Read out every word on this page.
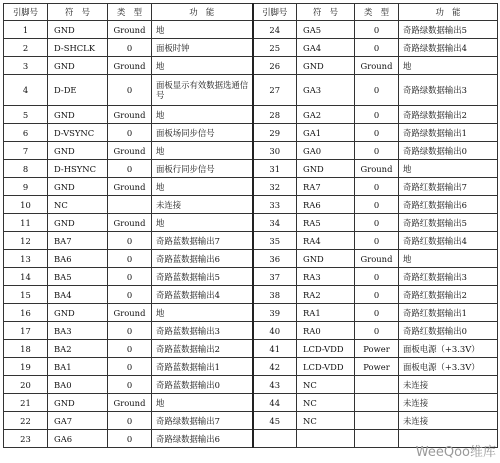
引脚号	符　号	类　型	功　能	引脚号	符　号	类　型	功　能
1	GND	Ground	地	24	GA5	0	奇路绿数据输出5
2	D-SHCLK	0	面板时钟	25	GA4	0	奇路绿数据输出4
3	GND	Ground	地	26	GND	Ground	地
4	D-DE	0	面板显示有效数据选通信号	27	GA3	0	奇路绿数据输出3
5	GND	Ground	地	28	GA2	0	奇路绿数据输出2
6	D-VSYNC	0	面板场同步信号	29	GA1	0	奇路绿数据输出1
7	GND	Ground	地	30	GA0	0	奇路绿数据输出0
8	D-HSYNC	0	面板行同步信号	31	GND	Ground	地
9	GND	Ground	地	32	RA7	0	奇路红数据输出7
10	NC		未连接	33	RA6	0	奇路红数据输出6
11	GND	Ground	地	34	RA5	0	奇路红数据输出5
12	BA7	0	奇路蓝数据输出7	35	RA4	0	奇路红数据输出4
13	BA6	0	奇路蓝数据输出6	36	GND	Ground	地
14	BA5	0	奇路蓝数据输出5	37	RA3	0	奇路红数据输出3
15	BA4	0	奇路蓝数据输出4	38	RA2	0	奇路红数据输出2
16	GND	Ground	地	39	RA1	0	奇路红数据输出1
17	BA3	0	奇路蓝数据输出3	40	RA0	0	奇路红数据输出0
18	BA2	0	奇路蓝数据输出2	41	LCD-VDD	Power	面板电源（+3.3V）
19	BA1	0	奇路蓝数据输出1	42	LCD-VDD	Power	面板电源（+3.3V）
20	BA0	0	奇路蓝数据输出0	43	NC		未连接
21	GND	Ground	地	44	NC		未连接
22	GA7	0	奇路绿数据输出7	45	NC		未连接
23	GA6	0	奇路绿数据输出6				
WeeQoo维库
